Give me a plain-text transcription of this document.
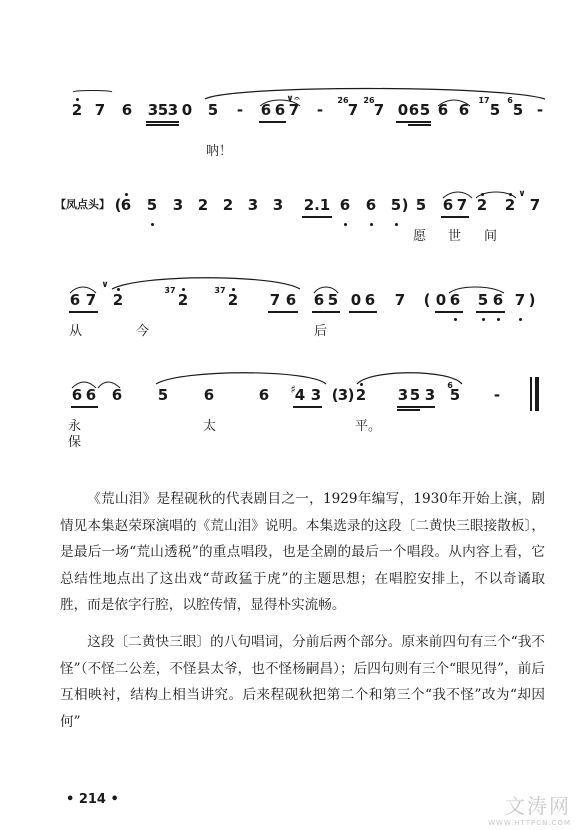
2 7 6 3 5 3 0 5 - 6 6 7 - 7 7 0 6 5 6 6 5 5 -
2̇6 2̇6	1̇7 6
∨ 𝄐
呐！
【凤点头】 (	)
6 5 3 2 2 3 3 2 . 1 6 6 5 5 6 7 2 2 7
∨
愿 世 间
6 7 2	2	2 7 6 6 5 0 6 7 0 6 5 6 7
3̇7	3̇7
(	)
∨
从	今	后
6 6 6 5 6	6 4 3 3 2 3 5 3 5 -
6
( )
♯
永保
太	平。

《荒山泪》是程砚秋的代表剧目之一，1929年编写，1930年开始上演，剧情见本集赵荣琛演唱的《荒山泪》说明。本集选录的这段〔二黄快三眼接散板〕，是最后一场“荒山透税”的重点唱段，也是全剧的最后一个唱段。从内容上看，它总结性地点出了这出戏“苛政猛于虎”的主题思想；在唱腔安排上，不以奇谲取胜，而是依字行腔，以腔传情，显得朴实流畅。

这段〔二黄快三眼〕的八句唱词，分前后两个部分。原来前四句有三个“我不怪”（不怪二公差，不怪县太爷，也不怪杨嗣昌）；后四句则有三个“眼见得”，前后互相映衬，结构上相当讲究。后来程砚秋把第二个和第三个“我不怪”改为“却因何”

• 214 •	文涛网
WWW.HTTPCN.COM
